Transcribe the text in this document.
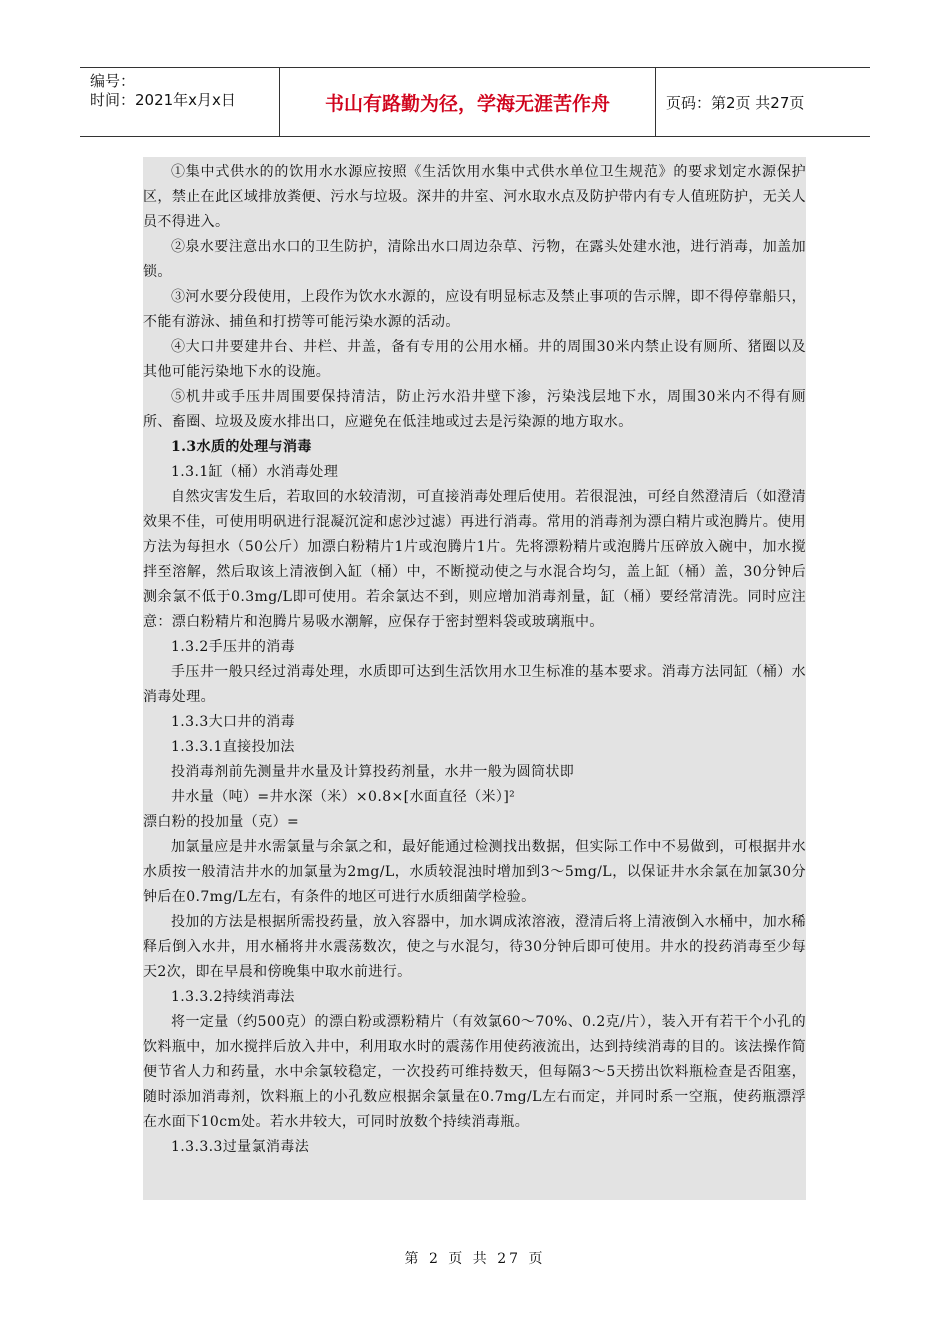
编号：
时间：2021年x月x日	书山有路勤为径，学海无涯苦作舟	页码：第2页 共27页

①集中式供水的的饮用水水源应按照《生活饮用水集中式供水单位卫生规范》的要求划定水源保护区，禁止在此区域排放粪便、污水与垃圾。深井的井室、河水取水点及防护带内有专人值班防护，无关人员不得进入。

②泉水要注意出水口的卫生防护，清除出水口周边杂草、污物，在露头处建水池，进行消毒，加盖加锁。

③河水要分段使用，上段作为饮水水源的，应设有明显标志及禁止事项的告示牌，即不得停靠船只，不能有游泳、捕鱼和打捞等可能污染水源的活动。

④大口井要建井台、井栏、井盖，备有专用的公用水桶。井的周围30米内禁止设有厕所、猪圈以及其他可能污染地下水的设施。

⑤机井或手压井周围要保持清洁，防止污水沿井壁下渗，污染浅层地下水，周围30米内不得有厕所、畜圈、垃圾及废水排出口，应避免在低洼地或过去是污染源的地方取水。

1.3水质的处理与消毒

1.3.1缸（桶）水消毒处理

自然灾害发生后，若取回的水较清沏，可直接消毒处理后使用。若很混浊，可经自然澄清后（如澄清效果不佳，可使用明矾进行混凝沉淀和虑沙过滤）再进行消毒。常用的消毒剂为漂白精片或泡腾片。使用方法为每担水（50公斤）加漂白粉精片1片或泡腾片1片。先将漂粉精片或泡腾片压碎放入碗中，加水搅拌至溶解，然后取该上清液倒入缸（桶）中，不断搅动使之与水混合均匀，盖上缸（桶）盖，30分钟后测余氯不低于0.3mg/L即可使用。若余氯达不到，则应增加消毒剂量，缸（桶）要经常清洗。同时应注意：漂白粉精片和泡腾片易吸水潮解，应保存于密封塑料袋或玻璃瓶中。

1.3.2手压井的消毒

手压井一般只经过消毒处理，水质即可达到生活饮用水卫生标准的基本要求。消毒方法同缸（桶）水消毒处理。

1.3.3大口井的消毒

1.3.3.1直接投加法

投消毒剂前先测量井水量及计算投药剂量，水井一般为圆筒状即

井水量（吨）=井水深（米）×0.8×[水面直径（米）]²

漂白粉的投加量（克）=

加氯量应是井水需氯量与余氯之和，最好能通过检测找出数据，但实际工作中不易做到，可根据井水水质按一般清洁井水的加氯量为2mg/L，水质较混浊时增加到3～5mg/L，以保证井水余氯在加氯30分钟后在0.7mg/L左右，有条件的地区可进行水质细菌学检验。

投加的方法是根据所需投药量，放入容器中，加水调成浓溶液，澄清后将上清液倒入水桶中，加水稀释后倒入水井，用水桶将井水震荡数次，使之与水混匀，待30分钟后即可使用。井水的投药消毒至少每天2次，即在早晨和傍晚集中取水前进行。

1.3.3.2持续消毒法

将一定量（约500克）的漂白粉或漂粉精片（有效氯60～70%、0.2克/片），装入开有若干个小孔的饮料瓶中，加水搅拌后放入井中，利用取水时的震荡作用使药液流出，达到持续消毒的目的。该法操作简便节省人力和药量，水中余氯较稳定，一次投药可维持数天，但每隔3～5天捞出饮料瓶检查是否阻塞，随时添加消毒剂，饮料瓶上的小孔数应根据余氯量在0.7mg/L左右而定，并同时系一空瓶，使药瓶漂浮在水面下10cm处。若水井较大，可同时放数个持续消毒瓶。

1.3.3.3过量氯消毒法

第 2 页 共 27 页
